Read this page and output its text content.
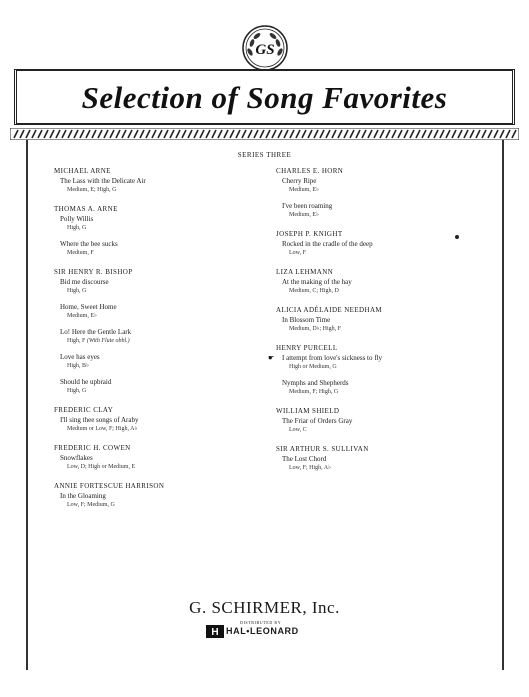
GS
Selection of Song Favorites
SERIES THREE
MICHAEL ARNE
The Lass with the Delicate Air
Medium, E; High, G
THOMAS A. ARNE
Polly Willis
High, G
Where the bee sucks
Medium, F
SIR HENRY R. BISHOP
Bid me discourse
High, G
Home, Sweet Home
Medium, E♭
Lo! Here the Gentle Lark
High, F (With Flute obbl.)
Love has eyes
High, B♭
Should he upbraid
High, G
FREDERIC CLAY
I'll sing thee songs of Araby
Medium or Low, F; High, A♭
FREDERIC H. COWEN
Snowflakes
Low, D; High or Medium, E
ANNIE FORTESCUE HARRISON
In the Gloaming
Low, F; Medium, G
CHARLES E. HORN
Cherry Ripe
Medium, E♭
I've been roaming
Medium, E♭
JOSEPH P. KNIGHT
Rocked in the cradle of the deep
Low, F
LIZA LEHMANN
At the making of the hay
Medium, C; High, D
ALICIA ADÉLAIDE NEEDHAM
In Blossom Time
Medium, D♭; High, F
HENRY PURCELL
☛ I attempt from love's sickness to fly
High or Medium, G
Nymphs and Shepherds
Medium, F; High, G
WILLIAM SHIELD
The Friar of Orders Gray
Low, C
SIR ARTHUR S. SULLIVAN
The Lost Chord
Low, F; High, A♭
G. SCHIRMER, Inc.
DISTRIBUTED BY
H HAL•LEONARD
